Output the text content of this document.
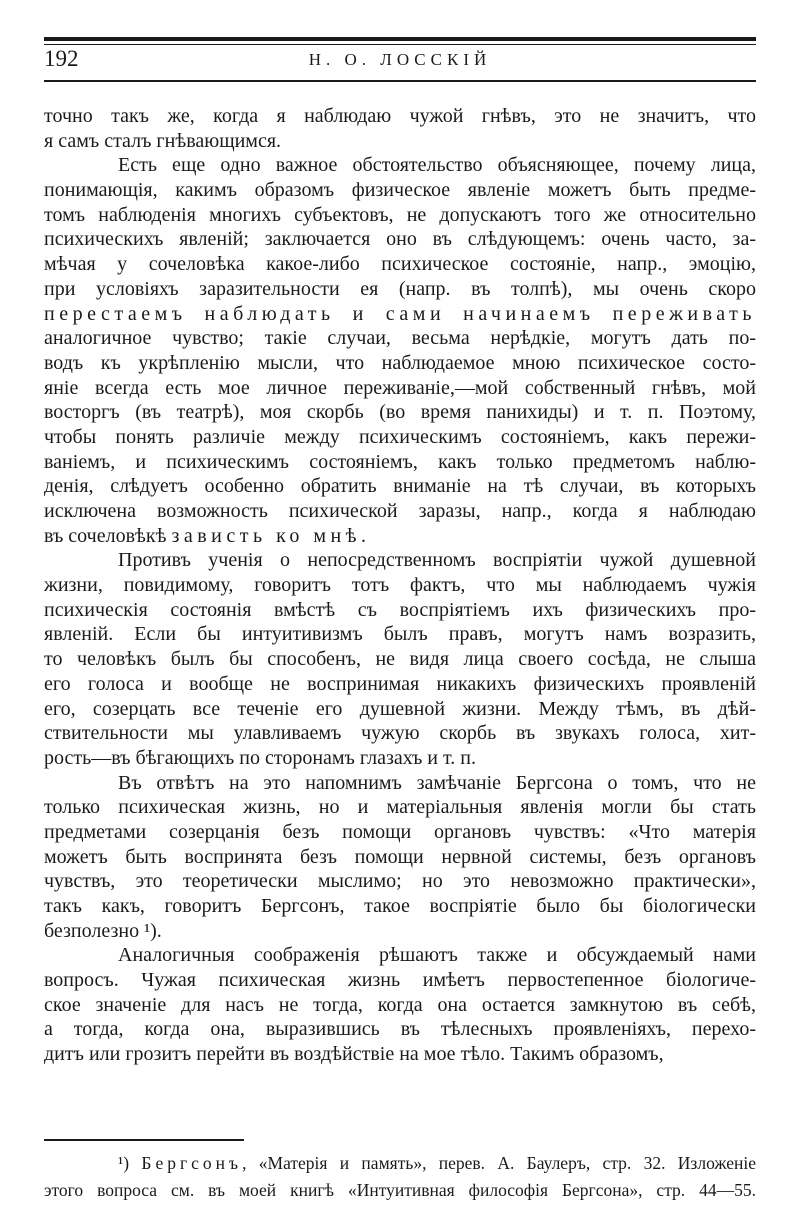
192	Н. О. ЛОССКІЙ
точно такъ же, когда я наблюдаю чужой гнѣвъ, это не значитъ, что
я самъ сталъ гнѣвающимся.
Есть еще одно важное обстоятельство объясняющее, почему лица,
понимающія, какимъ образомъ физическое явленіе можетъ быть предме-
томъ наблюденія многихъ субъектовъ, не допускаютъ того же относительно
психическихъ явленій; заключается оно въ слѣдующемъ: очень часто, за-
мѣчая у сочеловѣка какое-либо психическое состояніе, напр., эмоцію,
при условіяхъ заразительности ея (напр. въ толпѣ), мы очень скоро
перестаемъ наблюдать и сами начинаемъ переживать
аналогичное чувство; такіе случаи, весьма нерѣдкіе, могутъ дать по-
водъ къ укрѣпленію мысли, что наблюдаемое мною психическое состо-
яніе всегда есть мое личное переживаніе,—мой собственный гнѣвъ, мой
восторгъ (въ театрѣ), моя скорбь (во время панихиды) и т. п. Поэтому,
чтобы понять различіе между психическимъ состояніемъ, какъ пережи-
ваніемъ, и психическимъ состояніемъ, какъ только предметомъ наблю-
денія, слѣдуетъ особенно обратить вниманіе на тѣ случаи, въ которыхъ
исключена возможность психической заразы, напр., когда я наблюдаю
въ сочеловѣкѣ зависть ко мнѣ.
Противъ ученія о непосредственномъ воспріятіи чужой душевной
жизни, повидимому, говоритъ тотъ фактъ, что мы наблюдаемъ чужія
психическія состоянія вмѣстѣ съ воспріятіемъ ихъ физическихъ про-
явленій. Если бы интуитивизмъ былъ правъ, могутъ намъ возразить,
то человѣкъ былъ бы способенъ, не видя лица своего сосѣда, не слыша
его голоса и вообще не воспринимая никакихъ физическихъ проявленій
его, созерцать все теченіе его душевной жизни. Между тѣмъ, въ дѣй-
ствительности мы улавливаемъ чужую скорбь въ звукахъ голоса, хит-
рость—въ бѣгающихъ по сторонамъ глазахъ и т. п.
Въ отвѣтъ на это напомнимъ замѣчаніе Бергсона о томъ, что не
только психическая жизнь, но и матеріальныя явленія могли бы стать
предметами созерцанія безъ помощи органовъ чувствъ: «Что матерія
можетъ быть воспринята безъ помощи нервной системы, безъ органовъ
чувствъ, это теоретически мыслимо; но это невозможно практически»,
такъ какъ, говоритъ Бергсонъ, такое воспріятіе было бы біологически
безполезно ¹).
Аналогичныя соображенія рѣшаютъ также и обсуждаемый нами
вопросъ. Чужая психическая жизнь имѣетъ первостепенное біологиче-
ское значеніе для насъ не тогда, когда она остается замкнутою въ себѣ,
а тогда, когда она, выразившись въ тѣлесныхъ проявленіяхъ, перехо-
дитъ или грозитъ перейти въ воздѣйствіе на мое тѣло. Такимъ образомъ,
¹) Бергсонъ, «Матерія и память», перев. А. Баулеръ, стр. 32. Изложеніе
этого вопроса см. въ моей книгѣ «Интуитивная философія Бергсона», стр. 44—55.
